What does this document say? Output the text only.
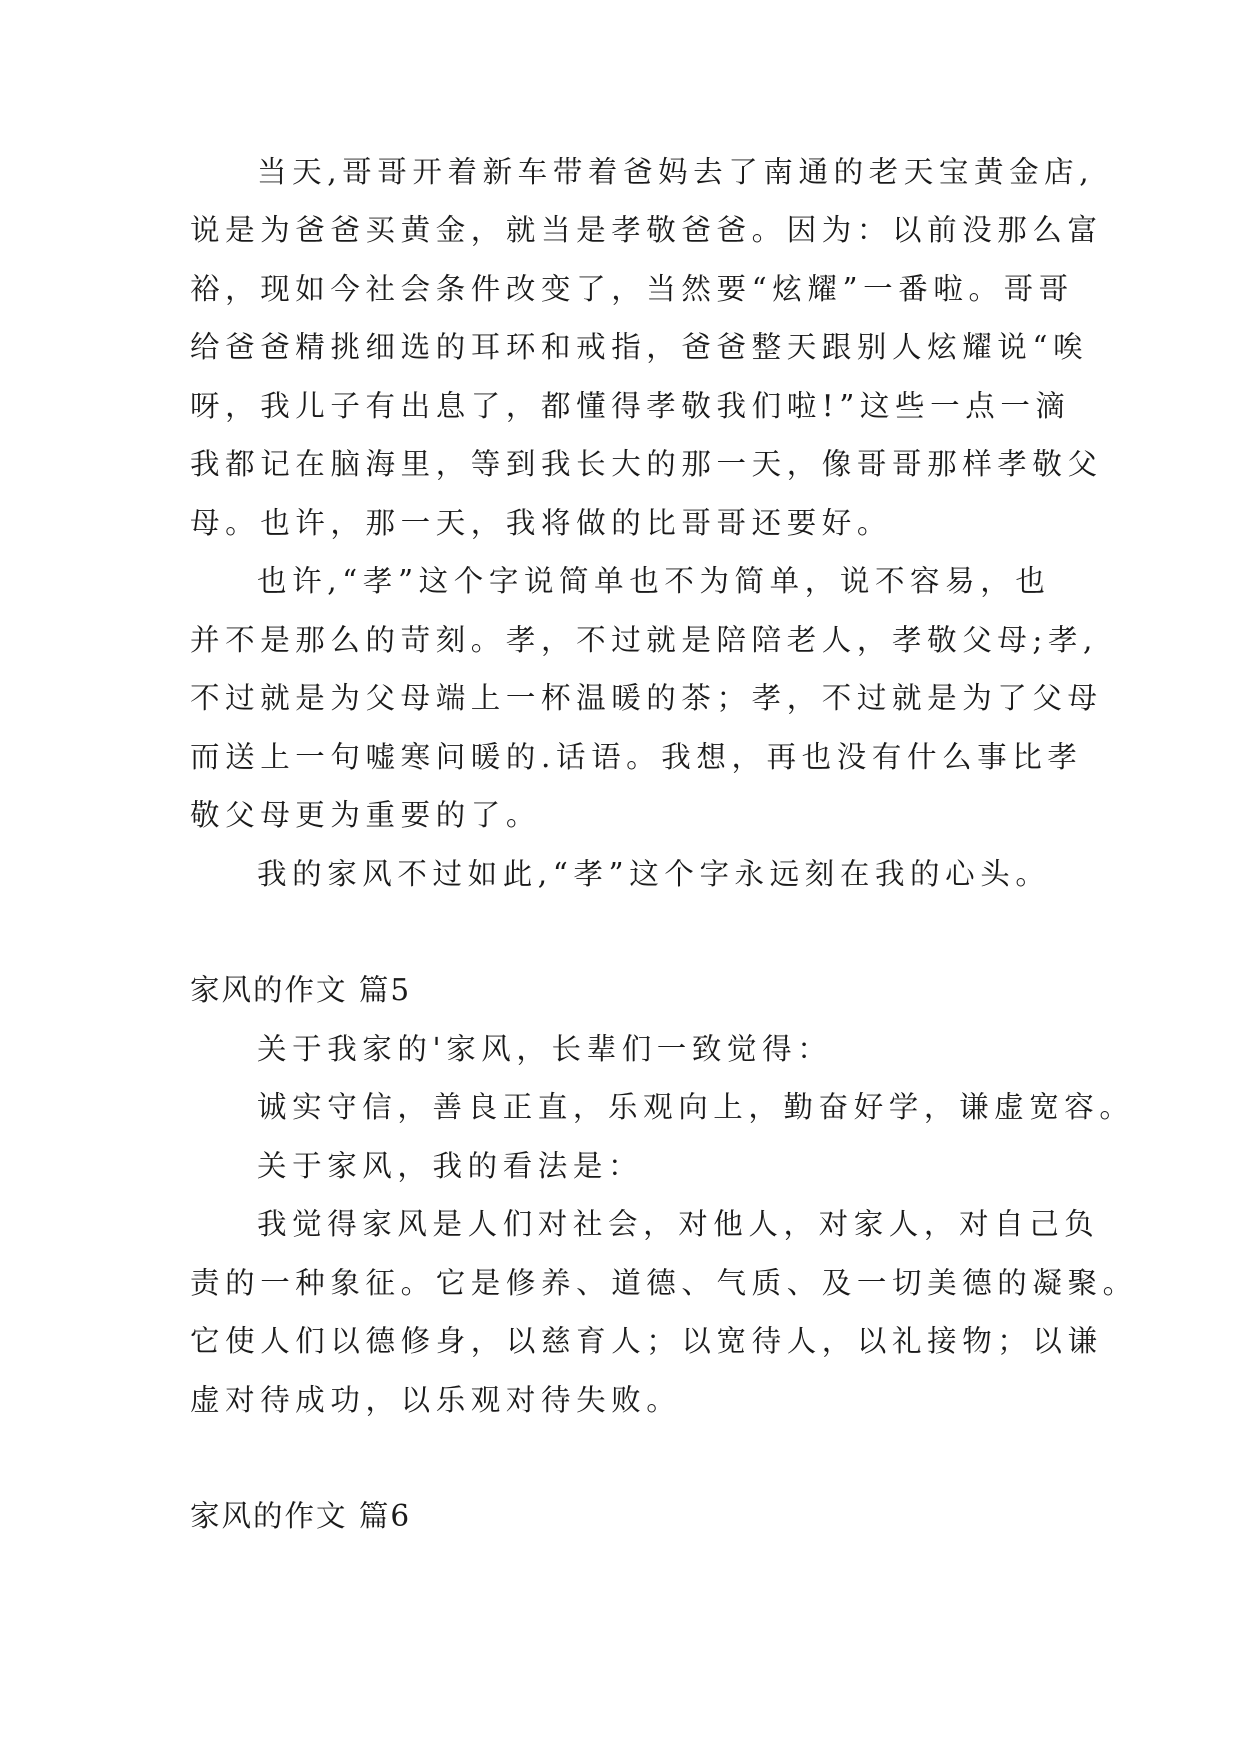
当天,哥哥开着新车带着爸妈去了南通的老天宝黄金店,
说是为爸爸买黄金，就当是孝敬爸爸。因为：以前没那么富
裕，现如今社会条件改变了，当然要“炫耀”一番啦。哥哥
给爸爸精挑细选的耳环和戒指，爸爸整天跟别人炫耀说“唉
呀，我儿子有出息了，都懂得孝敬我们啦!”这些一点一滴
我都记在脑海里，等到我长大的那一天，像哥哥那样孝敬父
母。也许，那一天，我将做的比哥哥还要好。
也许,“孝”这个字说简单也不为简单，说不容易，也
并不是那么的苛刻。孝，不过就是陪陪老人，孝敬父母;孝,
不过就是为父母端上一杯温暖的茶；孝，不过就是为了父母
而送上一句嘘寒问暖的.话语。我想，再也没有什么事比孝
敬父母更为重要的了。
我的家风不过如此,“孝”这个字永远刻在我的心头。
家风的作文 篇5
关于我家的'家风，长辈们一致觉得：
诚实守信，善良正直，乐观向上，勤奋好学，谦虚宽容。
关于家风，我的看法是：
我觉得家风是人们对社会，对他人，对家人，对自己负
责的一种象征。它是修养、道德、气质、及一切美德的凝聚。
它使人们以德修身，以慈育人；以宽待人，以礼接物；以谦
虚对待成功，以乐观对待失败。
家风的作文 篇6
